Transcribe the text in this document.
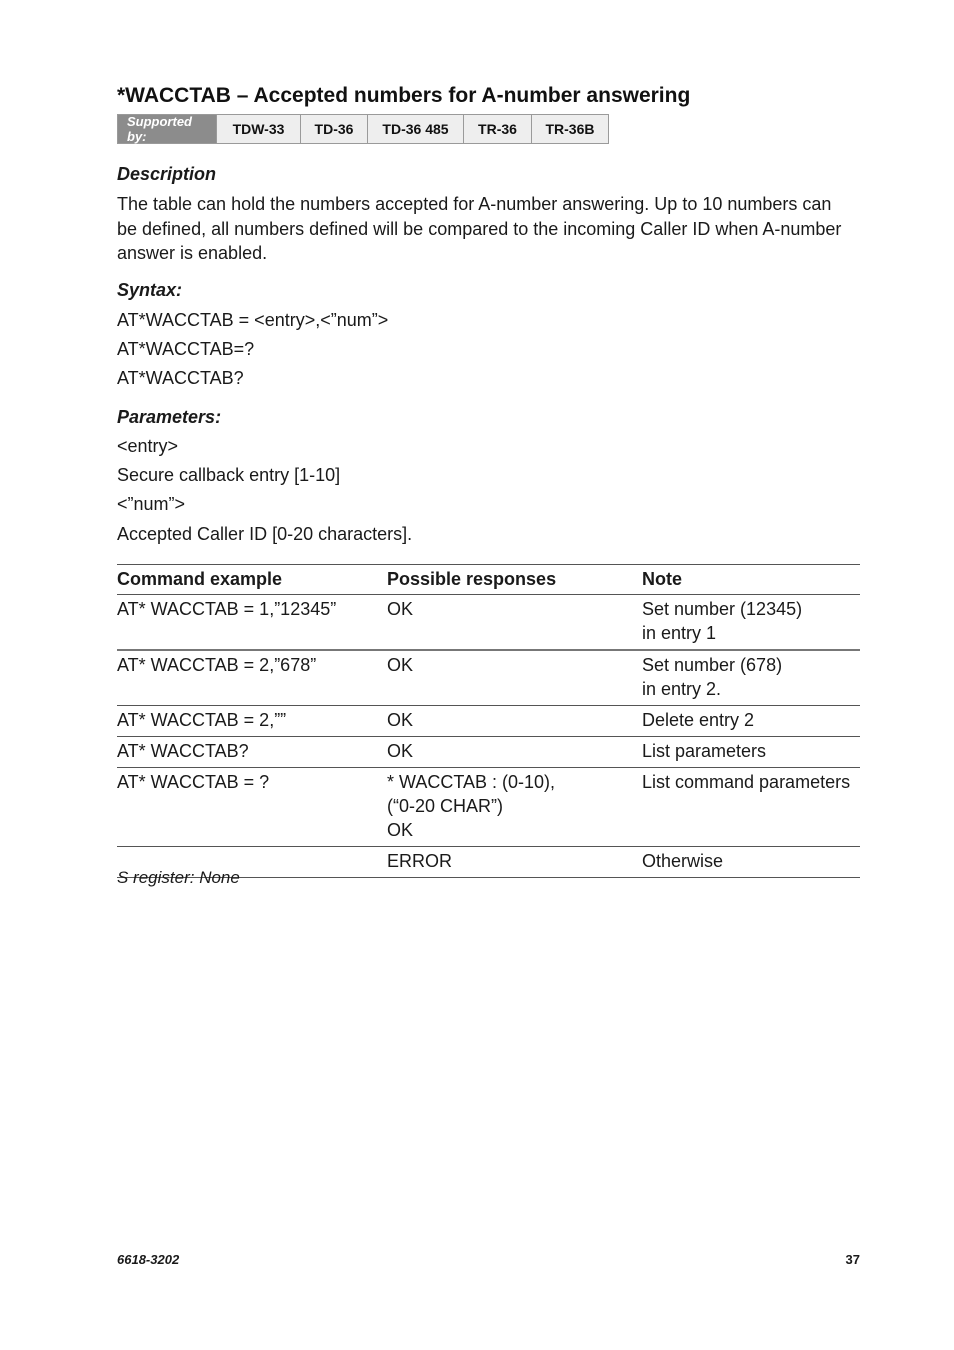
*WACCTAB – Accepted numbers for A-number answering
Supported by:	TDW-33	TD-36	TD-36 485	TR-36	TR-36B
Description

The table can hold the numbers accepted for A-number answering. Up to 10 numbers can be defined, all numbers defined will be compared to the incoming Caller ID when A-number answer is enabled.

Syntax:

AT*WACCTAB = <entry>,<”num”>

AT*WACCTAB=?

AT*WACCTAB?

Parameters:

<entry>

Secure callback entry [1-10]

<”num”>

Accepted Caller ID [0-20 characters].

Command example	Possible responses	Note
AT* WACCTAB = 1,”12345”	OK	Set number (12345)
in entry 1

AT* WACCTAB = 2,”678”	OK	Set number (678)
in entry 2.

AT* WACCTAB = 2,””	OK	Delete entry 2

AT* WACCTAB?	OK	List parameters

AT* WACCTAB = ?	* WACCTAB : (0-10),
(“0-20 CHAR”)
OK	List command parameters

	ERROR	Otherwise

S register: None

6618-3202	37
